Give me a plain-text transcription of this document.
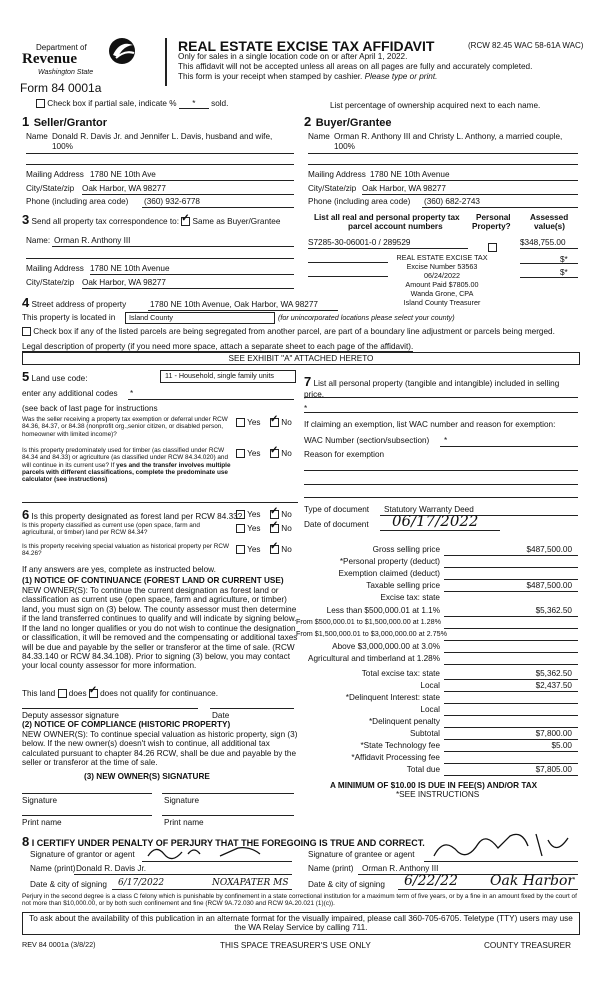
Department of
Revenue
Washington State
Form 84 0001a
REAL ESTATE EXCISE TAX AFFIDAVIT	(RCW 82.45 WAC 58-61A WAC)
Only for sales in a single location code on or after April 1, 2022.
This affidavit will not be accepted unless all areas on all pages are fully and accurately completed.
This form is your receipt when stamped by cashier. Please type or print.
Check box if partial sale, indicate % * sold.	List percentage of ownership acquired next to each name.
1 Seller/Grantor
Name Donald R. Davis Jr. and Jennifer L. Davis, husband and wife,
100%
Mailing Address 1780 NE 10th Ave
City/State/zip Oak Harbor, WA 98277
Phone (including area code) (360) 932-6778
2 Buyer/Grantee
Name Orman R. Anthony III and Christy L. Anthony, a married couple,
100%
Mailing Address 1780 NE 10th Avenue
City/State/zip Oak Harbor, WA 98277
Phone (including area code) (360) 682-2743
3 Send all property tax correspondence to: ✓ Same as Buyer/Grantee
Name: Orman R. Anthony III
Mailing Address 1780 NE 10th Avenue
City/State/zip Oak Harbor, WA 98277
List all real and personal property tax
parcel account numbers
Personal
Property?
Assessed
value(s)
S7285-30-06001-0 / 289529	$348,755.00
$*
$*
REAL ESTATE EXCISE TAX
Excise Number 53563
06/24/2022
Amount Paid $7805.00
Wanda Grone, CPA
Island County Treasurer
4 Street address of property	1780 NE 10th Avenue, Oak Harbor, WA 98277
This property is located in Island County	(for unincorporated locations please select your county)
Check box if any of the listed parcels are being segregated from another parcel, are part of a boundary line adjustment or parcels being merged.
Legal description of property (if you need more space, attach a separate sheet to each page of the affidavit).
SEE EXHIBIT "A" ATTACHED HERETO
5 Land use code:	11 - Household, single family units
enter any additional codes *
(see back of last page for instructions
Was the seller receiving a property tax exemption or deferral under RCW 84.36, 84.37, or 84.38 (nonprofit org.,senior citizen, or disabled person, homeowner with limited income)?
Yes ✓	No
Is this property predominately used for timber (as classified under RCW 84.34 and 84.33) or agriculture (as classified under RCW 84.34.020) and will continue in its current use? If yes and the transfer involves multiple parcels with different classifications, complete the predominate use calculator (see instructions)
Yes ✓	No
7 List all personal property (tangible and intangible) included in selling price.
*
If claiming an exemption, list WAC number and reason for exemption:
WAC Number (section/subsection) *
Reason for exemption
6 Is this property designated as forest land per RCW 84.33? Yes ✓	No
Is this property classified as current use (open space, farm and agricultural, or timber) land per RCW 84.34?	Yes ✓	No
Is this property receiving special valuation as historical property per RCW 84.26?	Yes ✓	No
If any answers are yes, complete as instructed below.
(1) NOTICE OF CONTINUANCE (FOREST LAND OR CURRENT USE)
NEW OWNER(S): To continue the current designation as forest land or classification as current use (open space, farm and agriculture, or timber) land, you must sign on (3) below. The county assessor must then determine if the land transferred continues to qualify and will indicate by signing below. If the land no longer qualifies or you do not wish to continue the designation or classification, it will be removed and the compensating or additional taxes will be due and payable by the seller or transferor at the time of sale. (RCW 84.33.140 or RCW 84.34.108). Prior to signing (3) below, you may contact your local county assessor for more information.
This land does ✓ does not qualify for continuance.
Deputy assessor signature	Date
(2) NOTICE OF COMPLIANCE (HISTORIC PROPERTY)
NEW OWNER(S): To continue special valuation as historic property, sign (3) below. If the new owner(s) doesn't wish to continue, all additional tax calculated pursuant to chapter 84.26 RCW, shall be due and payable by the seller or transferor at the time of sale.
(3) NEW OWNER(S) SIGNATURE
Signature	Signature
Print name	Print name
Type of document Statutory Warranty Deed
Date of document 06/17/2022
Gross selling price	$487,500.00
*Personal property (deduct)
Exemption claimed (deduct)
Taxable selling price	$487,500.00
Excise tax: state
Less than $500,000.01 at 1.1%	$5,362.50
From $500,000.01 to $1,500,000.00 at 1.28%
From $1,500,000.01 to $3,000,000.00 at 2.75%
Above $3,000,000.00 at 3.0%
Agricultural and timberland at 1.28%
Total excise tax: state	$5,362.50
Local	$2,437.50
*Delinquent Interest: state
Local
*Delinquent penalty
Subtotal	$7,800.00
*State Technology fee	$5.00
*Affidavit Processing fee
Total due	$7,805.00
A MINIMUM OF $10.00 IS DUE IN FEE(S) AND/OR TAX
*SEE INSTRUCTIONS
8 I CERTIFY UNDER PENALTY OF PERJURY THAT THE FOREGOING IS TRUE AND CORRECT.
Signature of grantor or agent
Name (print) Donald R. Davis Jr.
Date & city of signing 6/17/2022	NOXAPATER MS
Signature of grantee or agent
Name (print) Orman R. Anthony III
Date & city of signing 6/22/22 Oak Harbor
Perjury in the second degree is a class C felony which is punishable by confinement in a state correctional institution for a maximum term of five years, or by a fine in an amount fixed by the court of not more than $10,000.00, or by both such confinement and fine (RCW 9A.72.030 and RCW 9A.20.021 (1)(c)).
To ask about the availability of this publication in an alternate format for the visually impaired, please call 360-705-6705. Teletype (TTY) users may use the WA Relay Service by calling 711.
REV 84 0001a (3/8/22)	THIS SPACE TREASURER'S USE ONLY	COUNTY TREASURER
